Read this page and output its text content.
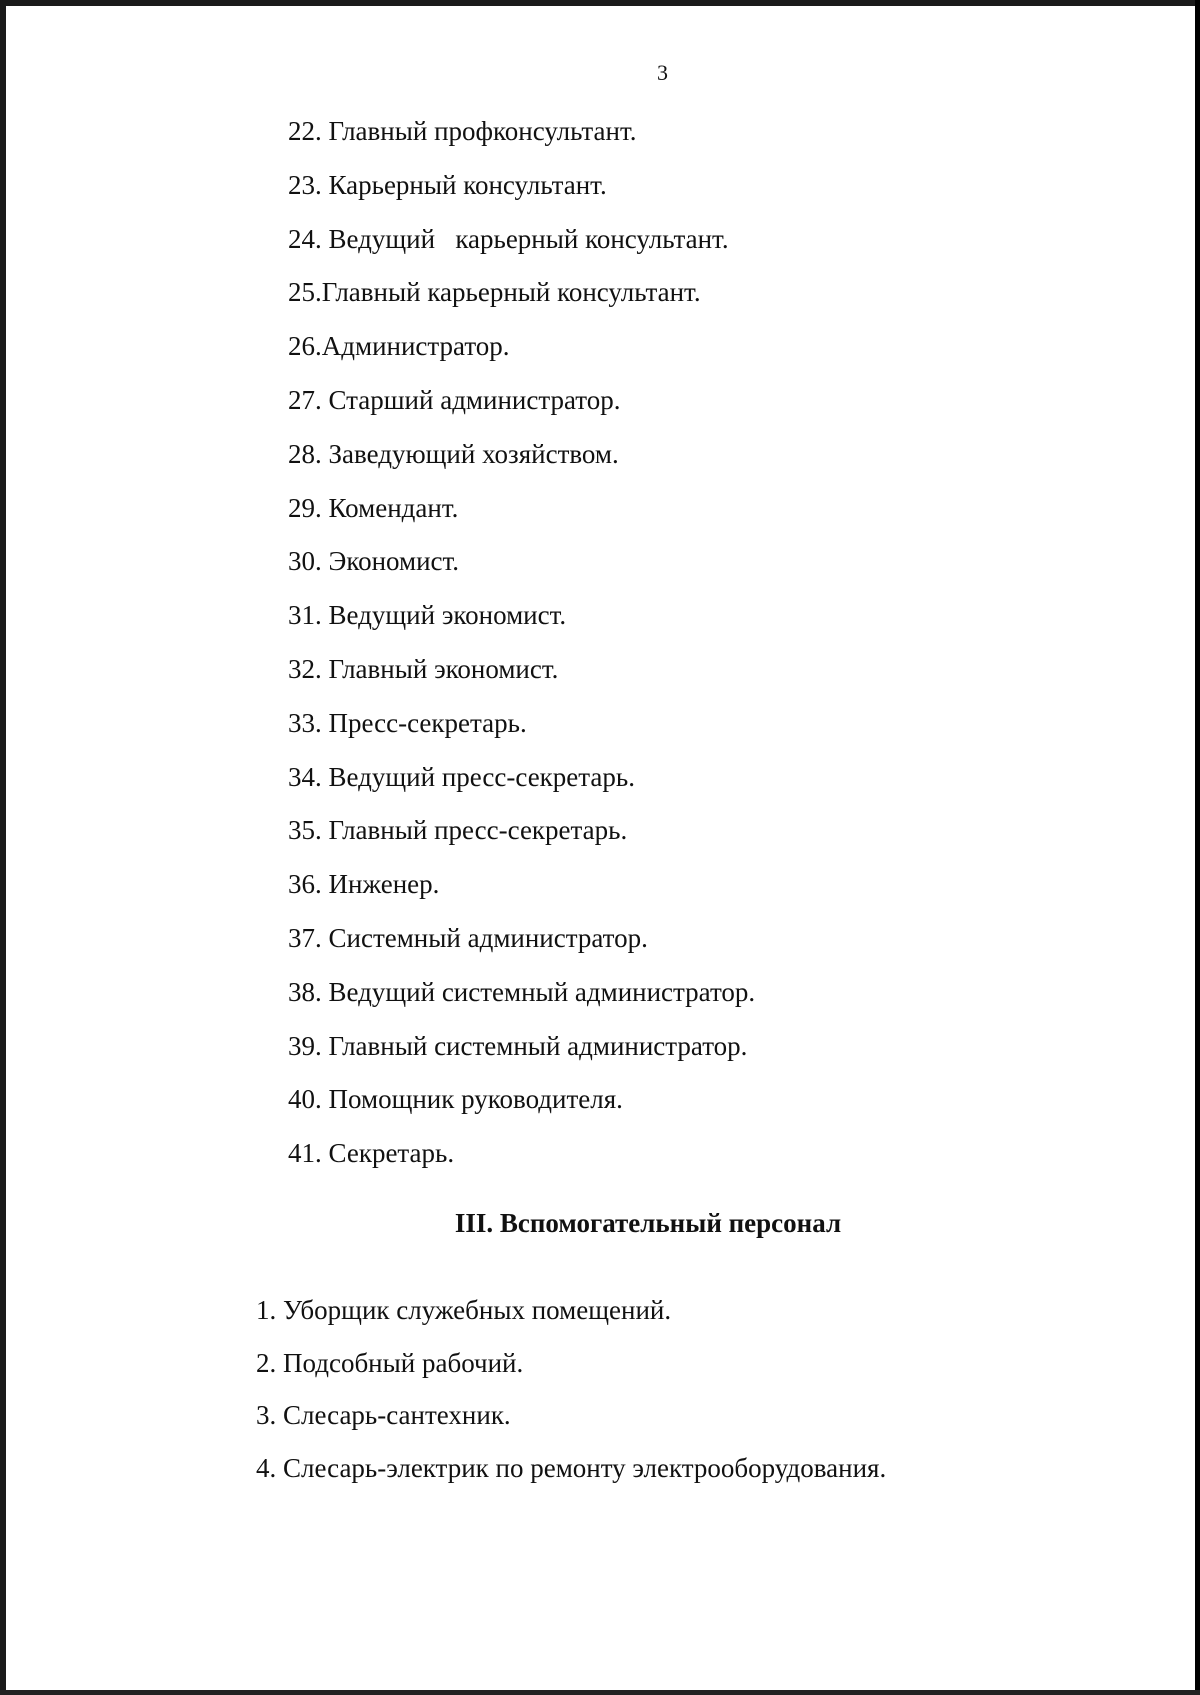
3
22. Главный профконсультант.
23. Карьерный консультант.
24. Ведущий   карьерный консультант.
25.Главный карьерный консультант.
26.Администратор.
27. Старший администратор.
28. Заведующий хозяйством.
29. Комендант.
30. Экономист.
31. Ведущий экономист.
32. Главный экономист.
33. Пресс-секретарь.
34. Ведущий пресс-секретарь.
35. Главный пресс-секретарь.
36. Инженер.
37. Системный администратор.
38. Ведущий системный администратор.
39. Главный системный администратор.
40. Помощник руководителя.
41. Секретарь.
III. Вспомогательный персонал
1. Уборщик служебных помещений.
2. Подсобный рабочий.
3. Слесарь-сантехник.
4. Слесарь-электрик по ремонту электрооборудования.
